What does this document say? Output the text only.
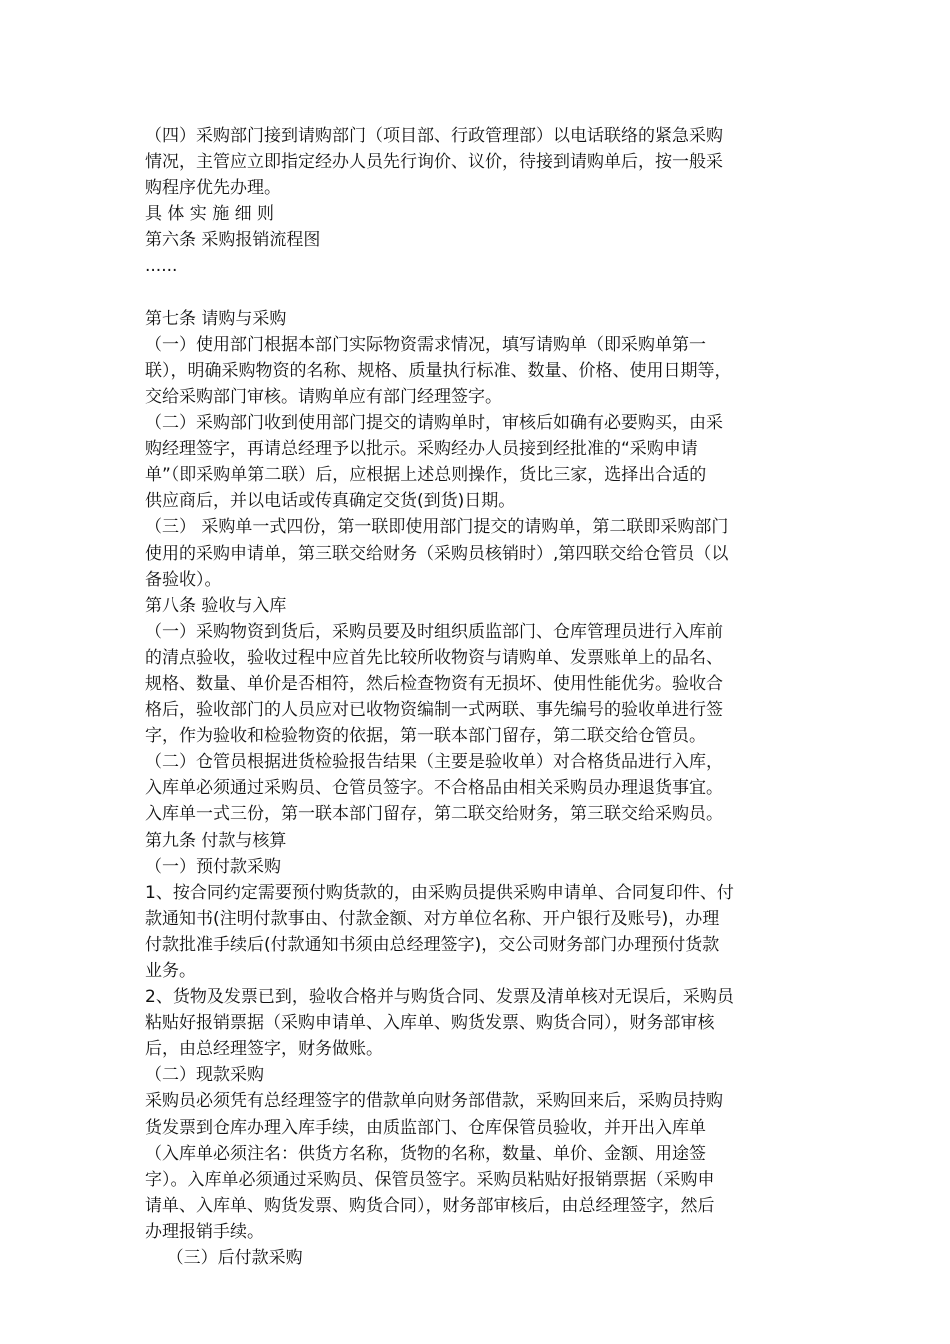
（四）采购部门接到请购部门（项目部、行政管理部）以电话联络的紧急采购
情况，主管应立即指定经办人员先行询价、议价，待接到请购单后，按一般采
购程序优先办理。
具 体 实 施 细 则
第六条 采购报销流程图
......
第七条 请购与采购
（一）使用部门根据本部门实际物资需求情况，填写请购单（即采购单第一
联），明确采购物资的名称、规格、质量执行标准、数量、价格、使用日期等，
交给采购部门审核。请购单应有部门经理签字。
（二）采购部门收到使用部门提交的请购单时，审核后如确有必要购买，由采
购经理签字，再请总经理予以批示。采购经办人员接到经批准的“采购申请
单”（即采购单第二联）后，应根据上述总则操作，货比三家，选择出合适的
供应商后，并以电话或传真确定交货(到货)日期。
（三） 采购单一式四份，第一联即使用部门提交的请购单，第二联即采购部门
使用的采购申请单，第三联交给财务（采购员核销时）,第四联交给仓管员（以
备验收）。
第八条 验收与入库
（一）采购物资到货后，采购员要及时组织质监部门、仓库管理员进行入库前
的清点验收，验收过程中应首先比较所收物资与请购单、发票账单上的品名、
规格、数量、单价是否相符，然后检查物资有无损坏、使用性能优劣。验收合
格后，验收部门的人员应对已收物资编制一式两联、事先编号的验收单进行签
字，作为验收和检验物资的依据，第一联本部门留存，第二联交给仓管员。
（二）仓管员根据进货检验报告结果（主要是验收单）对合格货品进行入库，
入库单必须通过采购员、仓管员签字。不合格品由相关采购员办理退货事宜。
入库单一式三份，第一联本部门留存，第二联交给财务，第三联交给采购员。
第九条 付款与核算
（一）预付款采购
1、按合同约定需要预付购货款的，由采购员提供采购申请单、合同复印件、付
款通知书(注明付款事由、付款金额、对方单位名称、开户银行及账号)，办理
付款批准手续后(付款通知书须由总经理签字)，交公司财务部门办理预付货款
业务。
2、货物及发票已到，验收合格并与购货合同、发票及清单核对无误后，采购员
粘贴好报销票据（采购申请单、入库单、购货发票、购货合同），财务部审核
后，由总经理签字，财务做账。
（二）现款采购
采购员必须凭有总经理签字的借款单向财务部借款，采购回来后，采购员持购
货发票到仓库办理入库手续，由质监部门、仓库保管员验收，并开出入库单
（入库单必须注名：供货方名称，货物的名称，数量、单价、金额、用途签
字）。入库单必须通过采购员、保管员签字。采购员粘贴好报销票据（采购申
请单、入库单、购货发票、购货合同），财务部审核后，由总经理签字，然后
办理报销手续。
（三）后付款采购
